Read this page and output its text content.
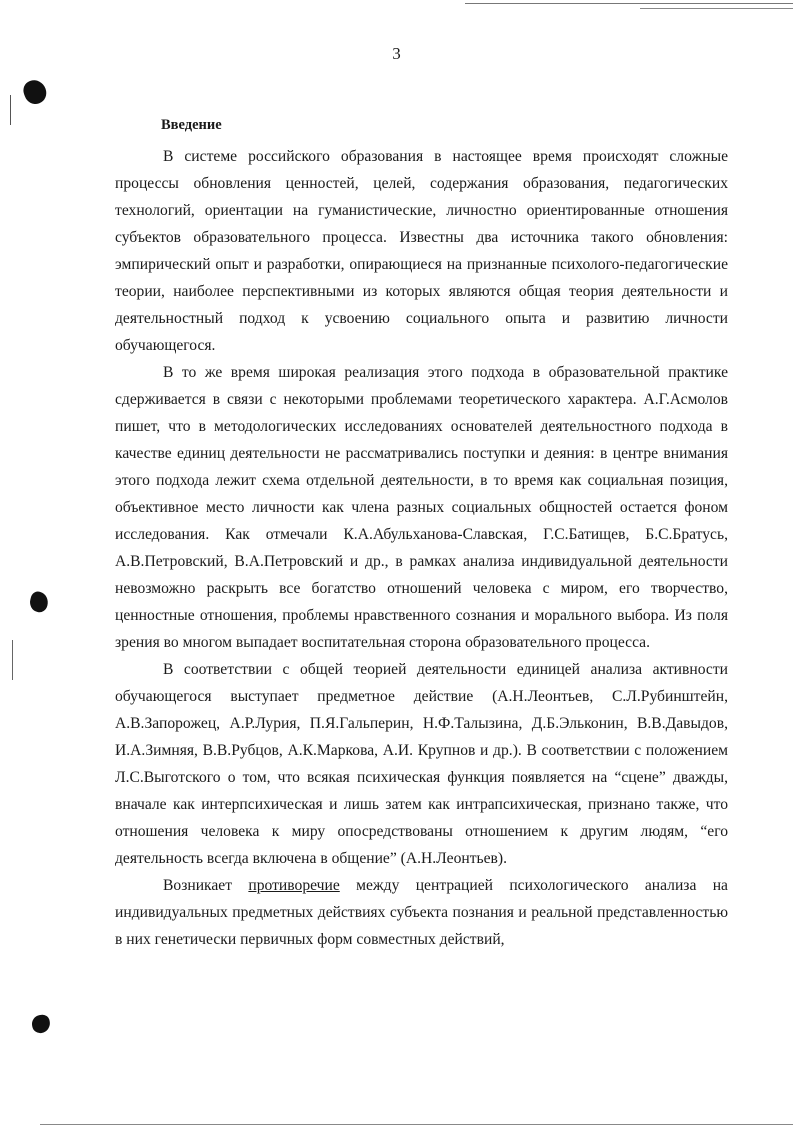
3
Введение

В системе российского образования в настоящее время происходят сложные процессы обновления ценностей, целей, содержания образования, педагогических технологий, ориентации на гуманистические, личностно ориентированные отношения субъектов образовательного процесса. Известны два источника такого обновления: эмпирический опыт и разработки, опирающиеся на признанные психолого-педагогические теории, наиболее перспективными из которых являются общая теория деятельности и деятельностный подход к усвоению социального опыта и развитию личности обучающегося.

В то же время широкая реализация этого подхода в образовательной практике сдерживается в связи с некоторыми проблемами теоретического характера. А.Г.Асмолов пишет, что в методологических исследованиях основателей деятельностного подхода в качестве единиц деятельности не рассматривались поступки и деяния: в центре внимания этого подхода лежит схема отдельной деятельности, в то время как социальная позиция, объективное место личности как члена разных социальных общностей остается фоном исследования. Как отмечали К.А.Абульханова-Славская, Г.С.Батищев, Б.С.Братусь, А.В.Петровский, В.А.Петровский и др., в рамках анализа индивидуальной деятельности невозможно раскрыть все богатство отношений человека с миром, его творчество, ценностные отношения, проблемы нравственного сознания и морального выбора. Из поля зрения во многом выпадает воспитательная сторона образовательного процесса.

В соответствии с общей теорией деятельности единицей анализа активности обучающегося выступает предметное действие (А.Н.Леонтьев, С.Л.Рубинштейн, А.В.Запорожец, А.Р.Лурия, П.Я.Гальперин, Н.Ф.Талызина, Д.Б.Эльконин, В.В.Давыдов, И.А.Зимняя, В.В.Рубцов, А.К.Маркова, А.И. Крупнов и др.). В соответствии с положением Л.С.Выготского о том, что всякая психическая функция появляется на “сцене” дважды, вначале как интерпсихическая и лишь затем как интрапсихическая, признано также, что отношения человека к миру опосредствованы отношением к другим людям, “его деятельность всегда включена в общение” (А.Н.Леонтьев).

Возникает противоречие между центрацией психологического анализа на индивидуальных предметных действиях субъекта познания и реальной представленностью в них генетически первичных форм совместных действий,
